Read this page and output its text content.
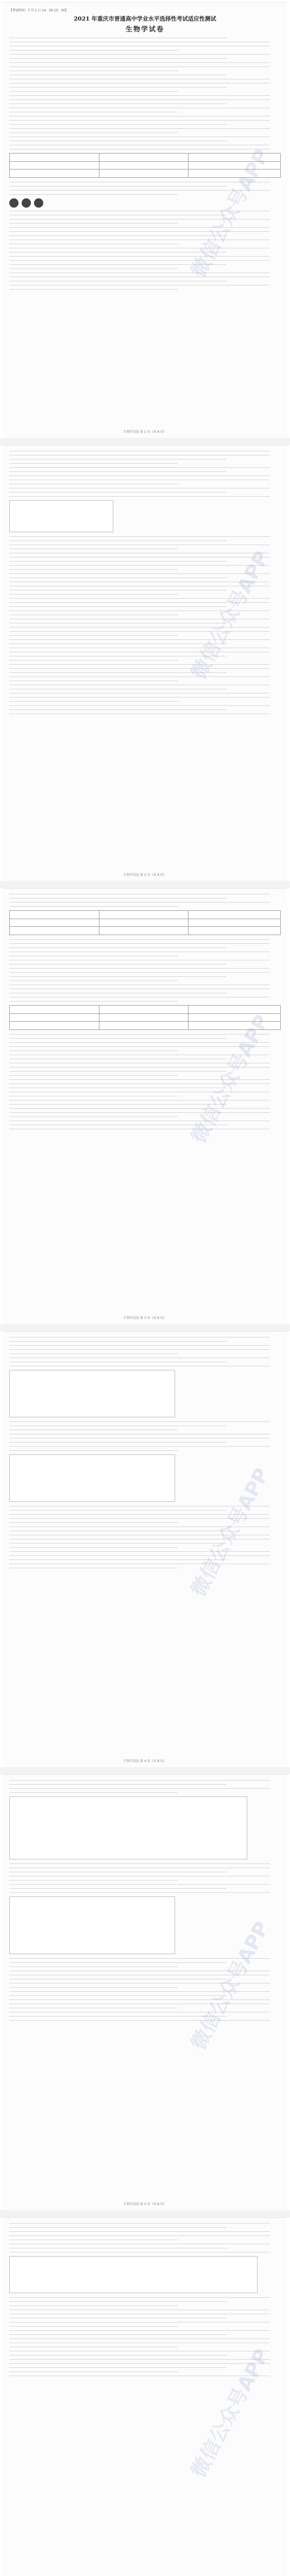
【考试时间：7 月 1 日 14：30-15：30】
2021 年重庆市普通高中学业水平选择性考试适应性测试
生物学试卷
微信公众号APP
生物学试卷 第 1 页（共 8 页）
微信公众号APP
生物学试卷 第 2 页（共 8 页）
微信公众号APP
生物学试卷 第 3 页（共 8 页）
微信公众号APP
生物学试卷 第 4 页（共 8 页）
微信公众号APP
生物学试卷 第 5 页（共 8 页）
微信公众号APP
